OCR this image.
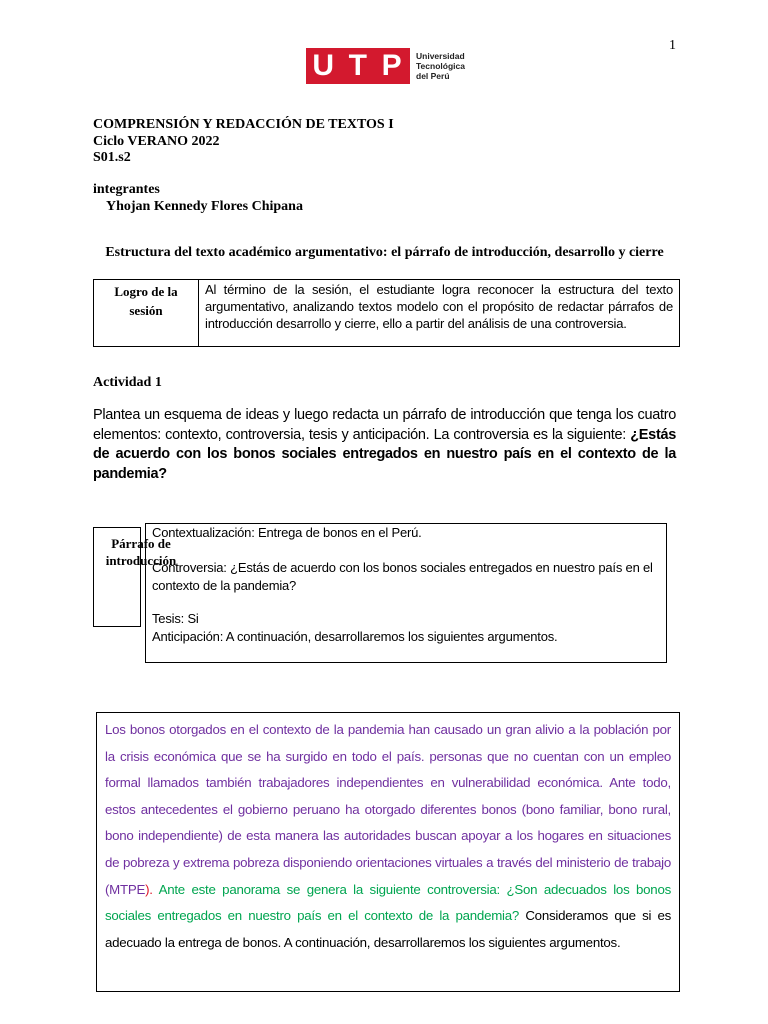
1
U T P Universidad
Tecnológica
del Perú
COMPRENSIÓN Y REDACCIÓN DE TEXTOS I
Ciclo VERANO 2022
S01.s2
integrantes
Yhojan Kennedy Flores Chipana
Estructura del texto académico argumentativo: el párrafo de introducción, desarrollo y cierre
Logro de la
sesión
Al término de la sesión, el estudiante logra reconocer la estructura del texto argumentativo, analizando textos modelo con el propósito de redactar párrafos de introducción desarrollo y cierre, ello a partir del análisis de una controversia.
Actividad 1
Plantea un esquema de ideas y luego redacta un párrafo de introducción que tenga los cuatro elementos: contexto, controversia, tesis y anticipación. La controversia es la siguiente: ¿Estás de acuerdo con los bonos sociales entregados en nuestro país en el contexto de la pandemia?
Párrafo de
introducción
Contextualización: Entrega de bonos en el Perú.
Controversia: ¿Estás de acuerdo con los bonos sociales entregados en nuestro país en el contexto de la pandemia?
Tesis: Si
Anticipación: A continuación, desarrollaremos los siguientes argumentos.
Los bonos otorgados en el contexto de la pandemia han causado un gran alivio a la población por la crisis económica que se ha surgido en todo el país. personas que no cuentan con un empleo formal llamados también trabajadores independientes en vulnerabilidad económica. Ante todo, estos antecedentes el gobierno peruano ha otorgado diferentes bonos (bono familiar, bono rural, bono independiente) de esta manera las autoridades buscan apoyar a los hogares en situaciones de pobreza y extrema pobreza disponiendo orientaciones virtuales a través del ministerio de trabajo (MTPE). Ante este panorama se genera la siguiente controversia: ¿Son adecuados los bonos sociales entregados en nuestro país en el contexto de la pandemia? Consideramos que si es adecuado la entrega de bonos. A continuación, desarrollaremos los siguientes argumentos.
